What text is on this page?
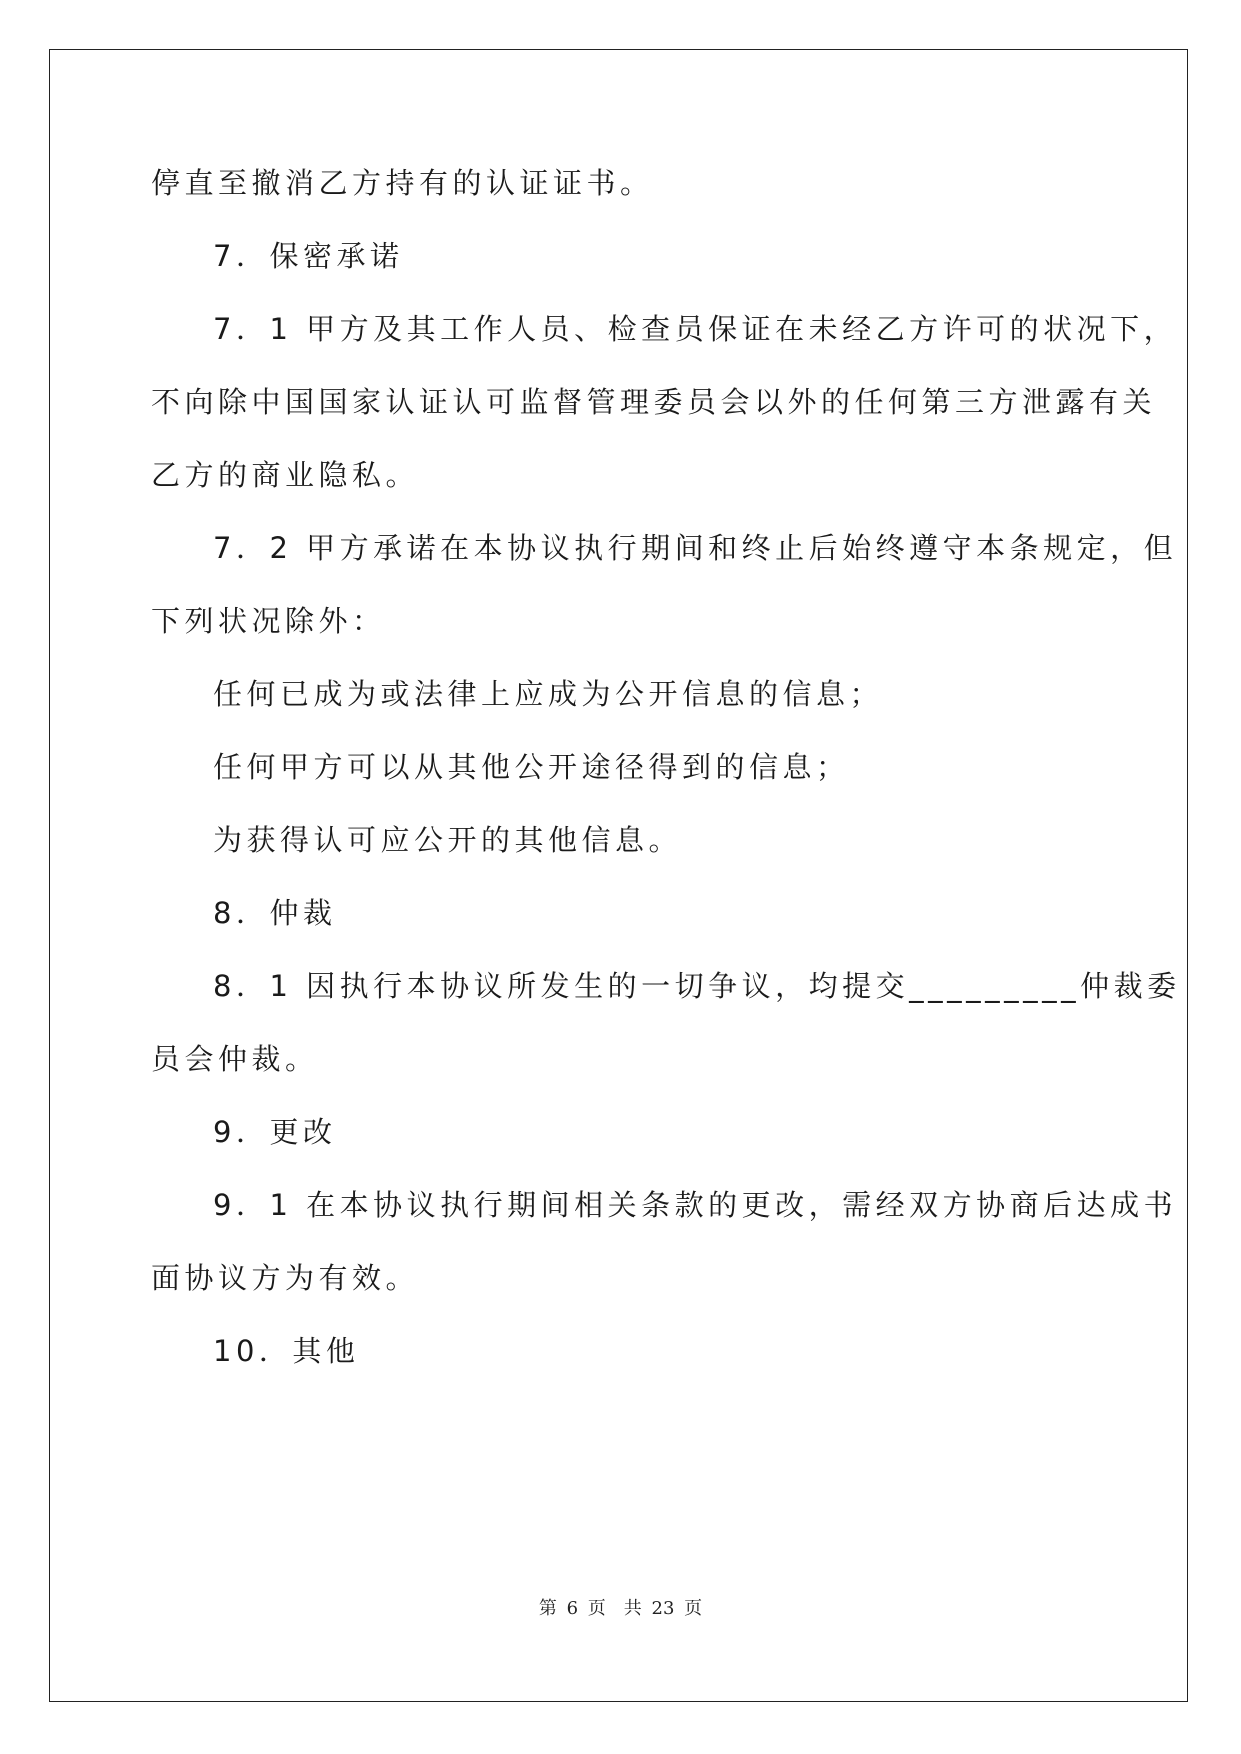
停直至撤消乙方持有的认证证书。
7．保密承诺
7．1 甲方及其工作人员、检查员保证在未经乙方许可的状况下，
不向除中国国家认证认可监督管理委员会以外的任何第三方泄露有关
乙方的商业隐私。
7．2 甲方承诺在本协议执行期间和终止后始终遵守本条规定，但
下列状况除外：
任何已成为或法律上应成为公开信息的信息；
任何甲方可以从其他公开途径得到的信息；
为获得认可应公开的其他信息。
8．仲裁
8．1 因执行本协议所发生的一切争议，均提交_________仲裁委
员会仲裁。
9．更改
9．1 在本协议执行期间相关条款的更改，需经双方协商后达成书
面协议方为有效。
10．其他
第 6 页 共 23 页
